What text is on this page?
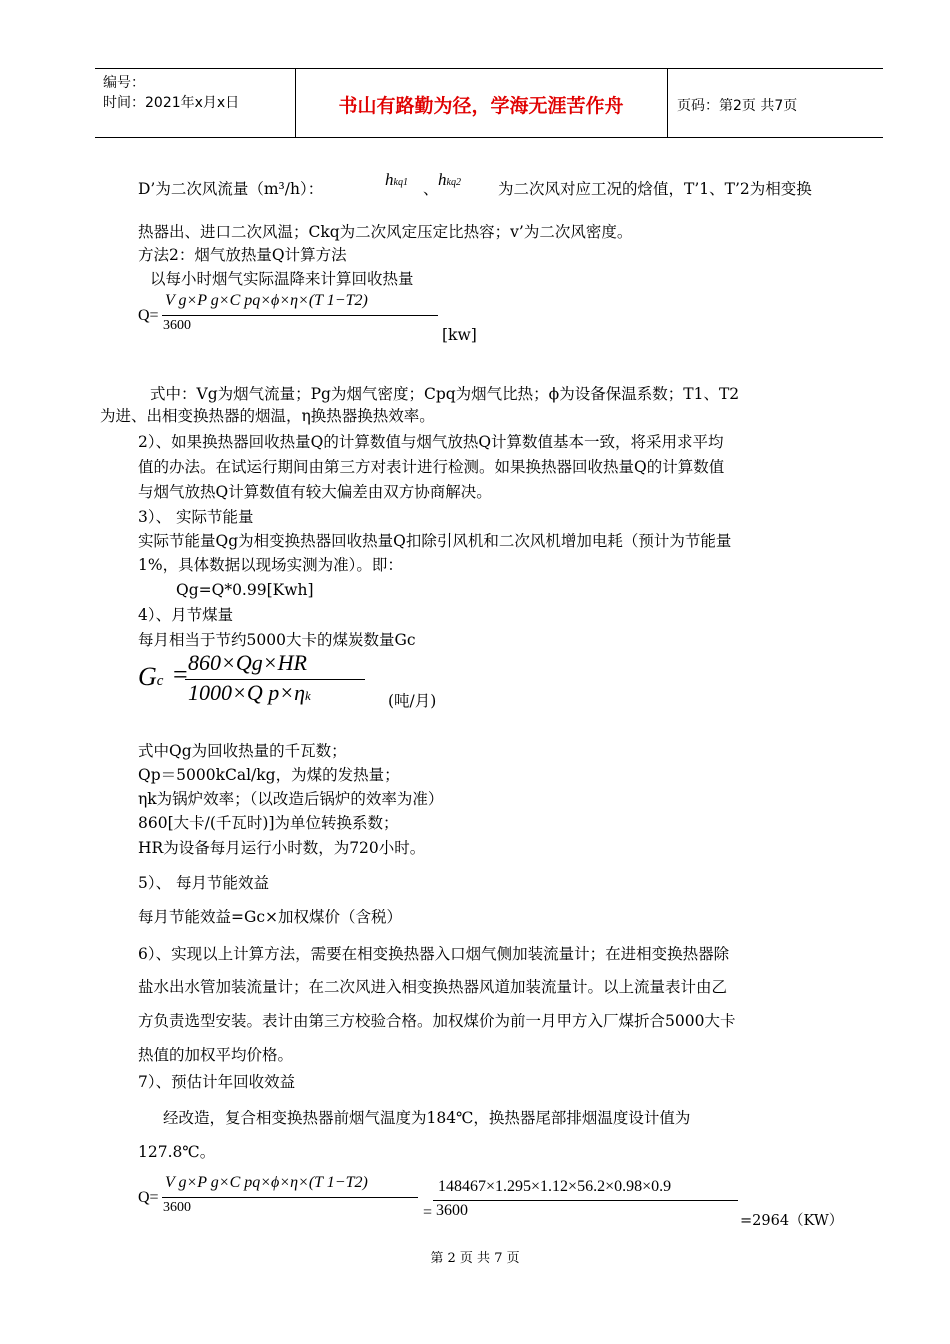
编号：
时间：2021年x月x日	书山有路勤为径，学海无涯苦作舟	页码：第2页 共7页
D’为二次风流量（m³/h）：	hkq1 、 hkq2 为二次风对应工况的焓值，T’1、T’2为相变换
热器出、进口二次风温；Ckq为二次风定压定比热容；v’为二次风密度。
方法2：烟气放热量Q计算方法
以每小时烟气实际温降来计算回收热量
Q=
V g×P g×C pq×ϕ×η×(T 1−T2)
3600
[kw]
式中：Vg为烟气流量；Pg为烟气密度；Cpq为烟气比热；ϕ为设备保温系数；T1、T2
为进、出相变换热器的烟温，η换热器换热效率。
2）、如果换热器回收热量Q的计算数值与烟气放热Q计算数值基本一致，将采用求平均
值的办法。在试运行期间由第三方对表计进行检测。如果换热器回收热量Q的计算数值
与烟气放热Q计算数值有较大偏差由双方协商解决。
3）、 实际节能量
实际节能量Qg为相变换热器回收热量Q扣除引风机和二次风机增加电耗（预计为节能量
1%，具体数据以现场实测为准）。即：
Qg=Q*0.99[Kwh]
4）、月节煤量
每月相当于节约5000大卡的煤炭数量Gc
Gc = 860×Qg×HR
1000×Q p×ηk	(吨/月)
式中Qg为回收热量的千瓦数；
Qp＝5000kCal/kg，为煤的发热量；
ηk为锅炉效率；（以改造后锅炉的效率为准）
860[大卡/(千瓦时)]为单位转换系数；
HR为设备每月运行小时数，为720小时。
5）、 每月节能效益
每月节能效益=Gc×加权煤价（含税）
6）、实现以上计算方法，需要在相变换热器入口烟气侧加装流量计；在进相变换热器除
盐水出水管加装流量计；在二次风进入相变换热器风道加装流量计。以上流量表计由乙
方负责选型安装。表计由第三方校验合格。加权煤价为前一月甲方入厂煤折合5000大卡
热值的加权平均价格。
7）、预估计年回收效益
经改造，复合相变换热器前烟气温度为184℃，换热器尾部排烟温度设计值为
127.8℃。
Q=
V g×P g×C pq×ϕ×η×(T 1−T2)
3600	=
148467×1.295×1.12×56.2×0.98×0.9
3600
=2964（KW）
第 2 页 共 7 页
